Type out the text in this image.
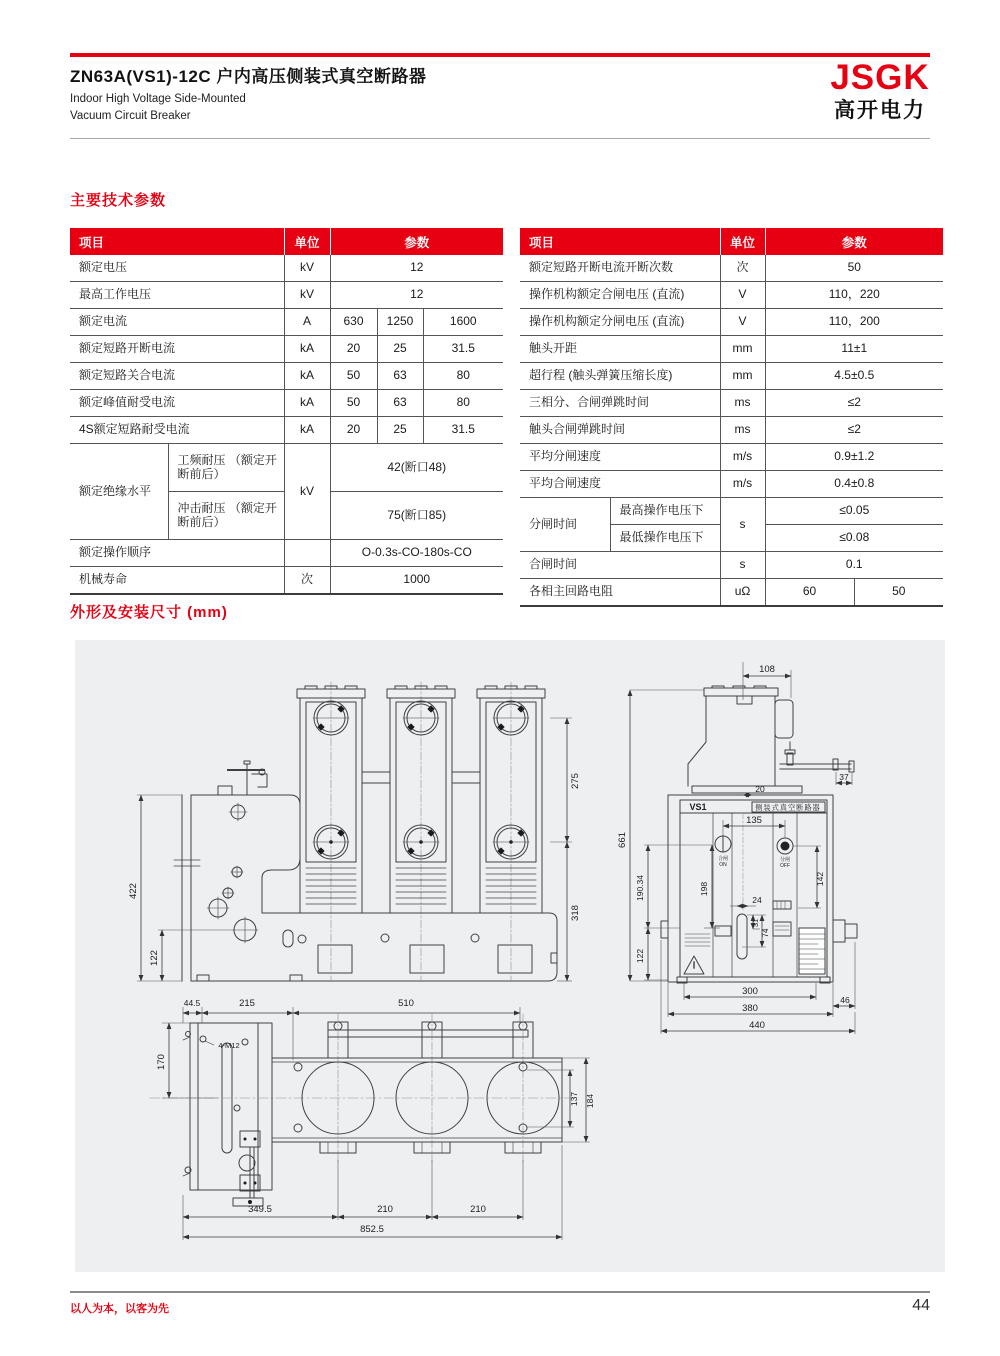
ZN63A(VS1)-12C 户内高压侧装式真空断路器
Indoor High Voltage Side-Mounted
Vacuum Circuit Breaker
JSGK
高开电力
主要技术参数
项目		单位	参数		
额定电压		kV	12		
最高工作电压		kV	12		
额定电流		A	630	1250	1600
额定短路开断电流		kA	20	25	31.5
额定短路关合电流		kA	50	63	80
额定峰值耐受电流		kA	50	63	80
4S额定短路耐受电流		kA	20	25	31.5
额定绝缘水平	工频耐压 （额定开断前后）	kV	42(断口48)		
	冲击耐压 （额定开断前后）		75(断口85)		
额定操作顺序			O-0.3s-CO-180s-CO		
机械寿命		次	1000		
项目		单位	参数	
额定短路开断电流开断次数		次	50	
操作机构额定合闸电压 (直流)		V	110，220	
操作机构额定分闸电压 (直流)		V	110，200	
触头开距		mm	11±1	
超行程 (触头弹簧压缩长度)		mm	4.5±0.5	
三相分、合闸弹跳时间		ms	≤2	
触头合闸弹跳时间		ms	≤2	
平均分闸速度		m/s	0.9±1.2	
平均合闸速度		m/s	0.4±0.8	
分闸时间	最高操作电压下	s	≤0.05	
	最低操作电压下		≤0.08	
合闸时间		s	0.1	
各相主回路电阻		uΩ	60	50
外形及安装尺寸 (mm)
422
122
275
318
108
20
37
661
190.34
122
135
198
142
24
31
74
300
46
380
440
VS1	侧装式真空断路器
合闸
ON
分闸
OFF
44.5	215	510
170
4-M12
137 184
349.5	210	210
852.5
以人为本，以客为先	44
